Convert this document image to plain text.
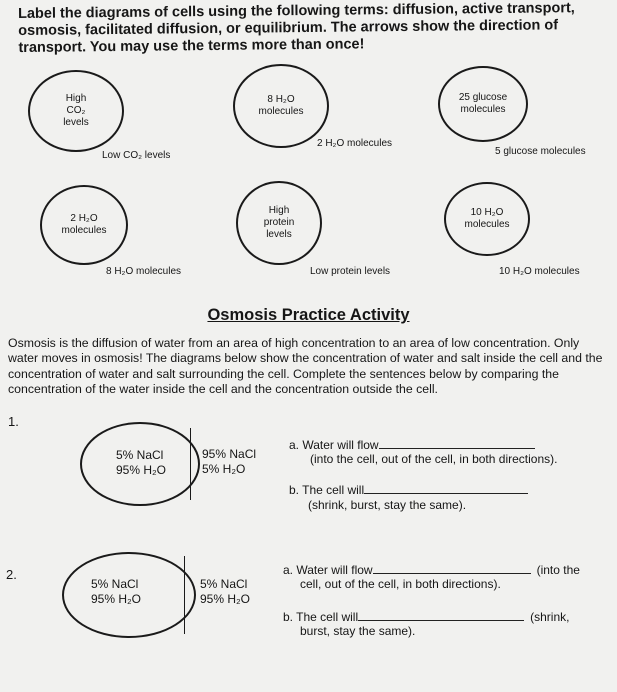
Label the diagrams of cells using the following terms: diffusion, active transport, osmosis, facilitated diffusion, or equilibrium. The arrows show the direction of transport. You may use the terms more than once!
High
CO₂
levels
Low CO₂ levels
8 H₂O
molecules
2 H₂O molecules
25 glucose
molecules
5 glucose molecules
2 H₂O
molecules
8 H₂O molecules
High
protein
levels
Low protein levels
10 H₂O
molecules
10 H₂O molecules
Osmosis Practice Activity
Osmosis is the diffusion of water from an area of high concentration to an area of low concentration. Only water moves in osmosis! The diagrams below show the concentration of water and salt inside the cell and the concentration of water and salt surrounding the cell. Complete the sentences below by comparing the concentration of the water inside the cell and the concentration outside the cell.
1.
5% NaCl
95% H₂O
95% NaCl
5% H₂O
a. Water will flow
(into the cell, out of the cell, in both directions).
b. The cell will
(shrink, burst, stay the same).
2.
5% NaCl
95% H₂O
5% NaCl
95% H₂O
a. Water will flow	(into the
cell, out of the cell, in both directions).
b. The cell will	(shrink,
burst, stay the same).
